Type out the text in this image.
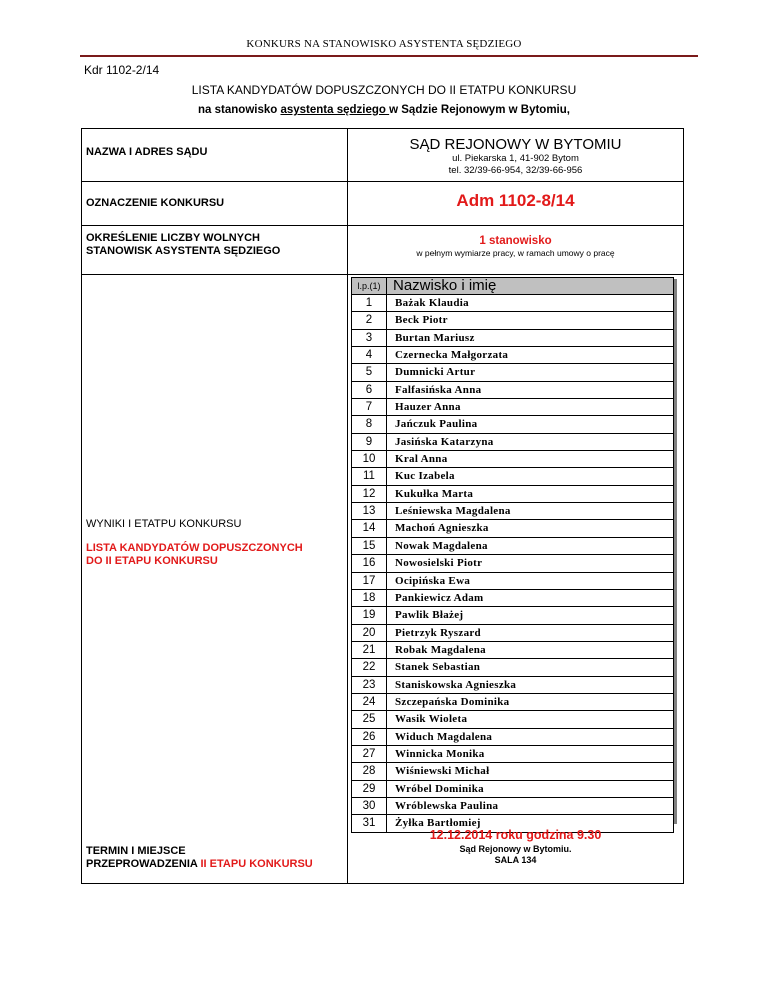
KONKURS NA STANOWISKO ASYSTENTA SĘDZIEGO
Kdr 1102-2/14
LISTA KANDYDATÓW DOPUSZCZONYCH DO II ETATPU KONKURSU
na stanowisko asystenta sędziego w Sądzie Rejonowym w Bytomiu,
NAZWA I ADRES SĄDU	SĄD REJONOWY W BYTOMIU
ul. Piekarska 1, 41-902 Bytom
tel. 32/39-66-954, 32/39-66-956
OZNACZENIE KONKURSU	Adm 1102-8/14
OKREŚLENIE LICZBY WOLNYCH
STANOWISK ASYSTENTA SĘDZIEGO
1 stanowisko
w pełnym wymiarze pracy, w ramach umowy o pracę
WYNIKI I ETATPU KONKURSU
LISTA KANDYDATÓW DOPUSZCZONYCH
DO II ETAPU KONKURSU
l.p.(1) Nazwisko i imię
1	Bażak Klaudia
2	Beck Piotr
3	Burtan Mariusz
4	Czernecka Małgorzata
5	Dumnicki Artur
6	Falfasińska Anna
7	Hauzer Anna
8	Jańczuk Paulina
9	Jasińska Katarzyna
10	Kral Anna
11	Kuc Izabela
12	Kukułka Marta
13	Leśniewska Magdalena
14	Machoń Agnieszka
15	Nowak Magdalena
16	Nowosielski Piotr
17	Ocipińska Ewa
18	Pankiewicz Adam
19	Pawlik Błażej
20	Pietrzyk Ryszard
21	Robak Magdalena
22	Stanek Sebastian
23	Staniskowska Agnieszka
24	Szczepańska Dominika
25	Wasik Wioleta
26	Widuch Magdalena
27	Winnicka Monika
28	Wiśniewski Michał
29	Wróbel Dominika
30	Wróblewska Paulina
31	Żyłka Bartłomiej
TERMIN I MIEJSCE
PRZEPROWADZENIA II ETAPU KONKURSU
12.12.2014 roku godzina 9.30
Sąd Rejonowy w Bytomiu.
SALA 134
